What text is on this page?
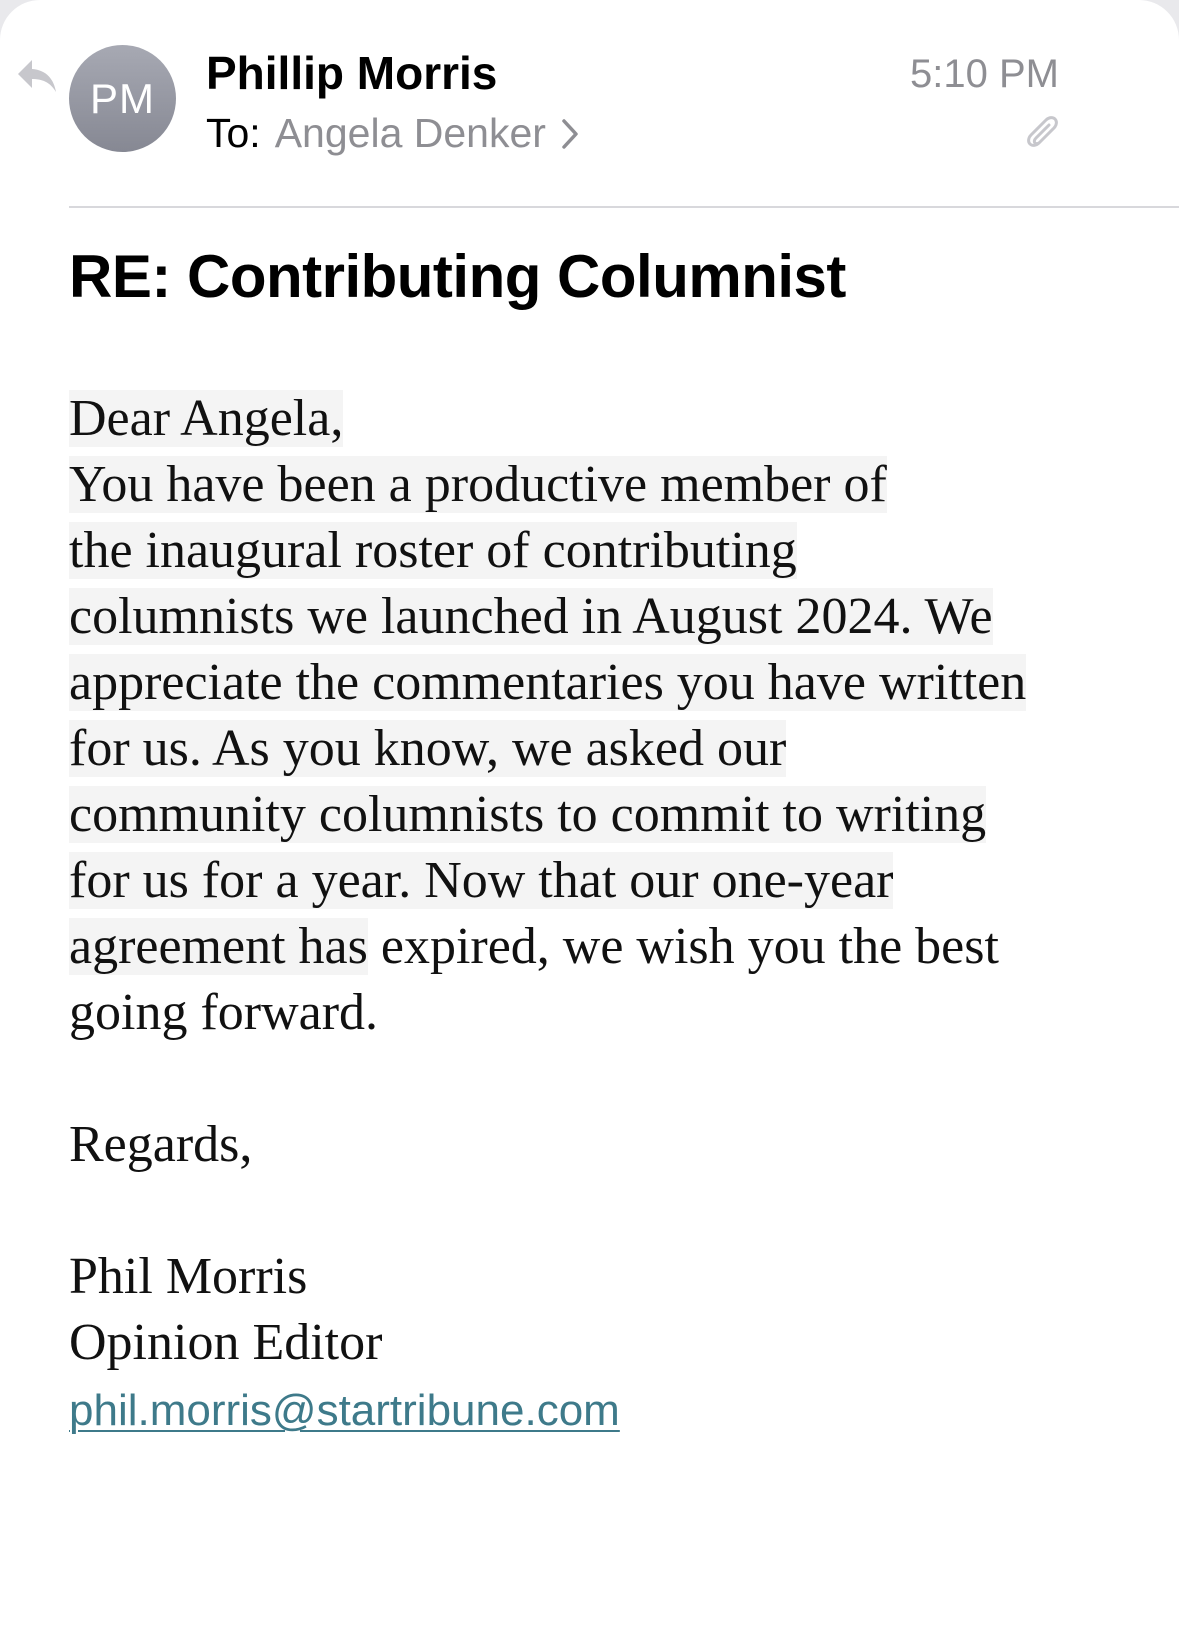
PM Phillip Morris
To: Angela Denker
5:10 PM
RE: Contributing Columnist
Dear Angela,
You have been a productive member of
the inaugural roster of contributing
columnists we launched in August 2024. We
appreciate the commentaries you have written
for us. As you know, we asked our
community columnists to commit to writing
for us for a year. Now that our one-year
agreement has expired, we wish you the best
going forward.
Regards,
Phil Morris
Opinion Editor
phil.morris@startribune.com
